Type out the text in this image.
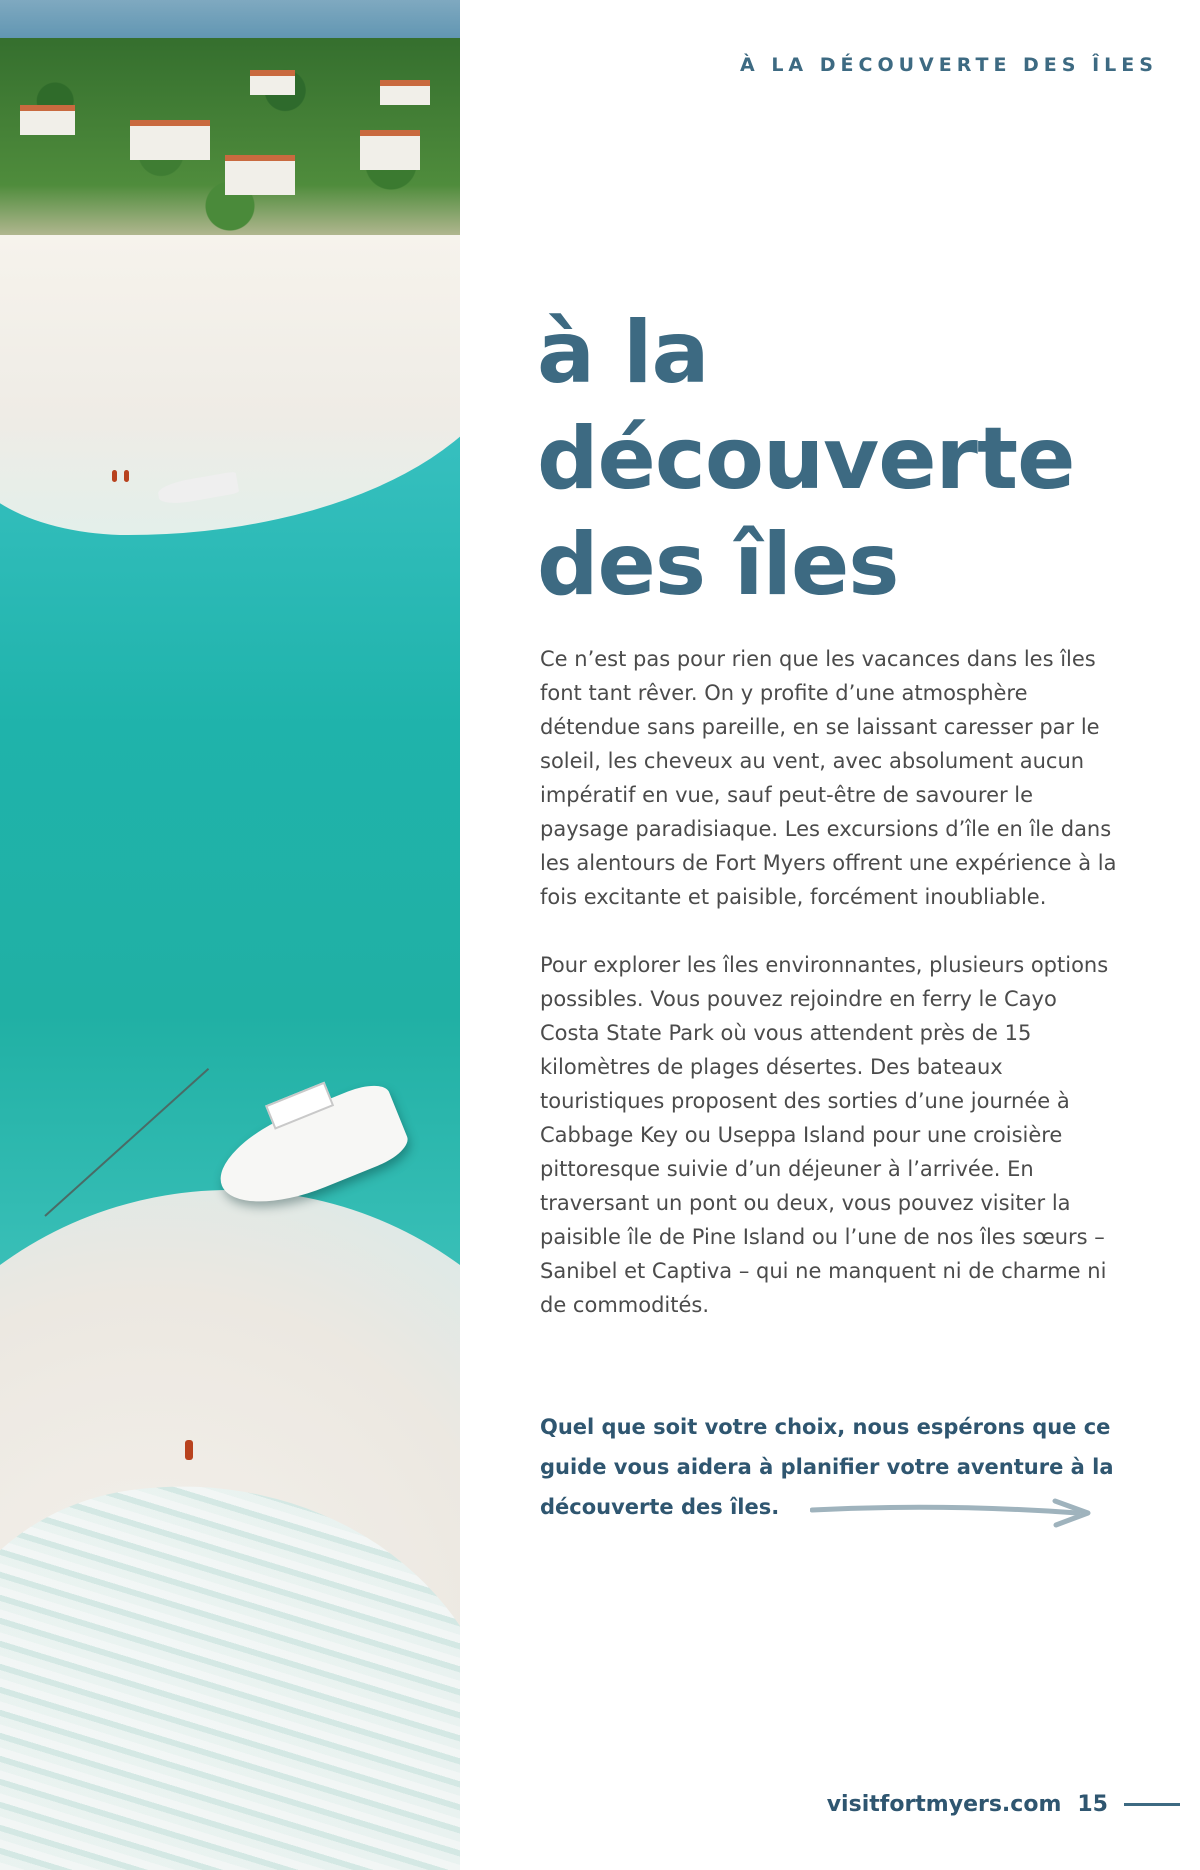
À LA DÉCOUVERTE DES ÎLES
à la
découverte
des îles

Ce n’est pas pour rien que les vacances dans les îles font tant rêver. On y profite d’une atmosphère détendue sans pareille, en se laissant caresser par le soleil, les cheveux au vent, avec absolument aucun impératif en vue, sauf peut-être de savourer le paysage paradisiaque. Les excursions d’île en île dans les alentours de Fort Myers offrent une expérience à la fois excitante et paisible, forcément inoubliable.

Pour explorer les îles environnantes, plusieurs options possibles. Vous pouvez rejoindre en ferry le Cayo Costa State Park où vous attendent près de 15 kilomètres de plages désertes. Des bateaux touristiques proposent des sorties d’une journée à Cabbage Key ou Useppa Island pour une croisière pittoresque suivie d’un déjeuner à l’arrivée. En traversant un pont ou deux, vous pouvez visiter la paisible île de Pine Island ou l’une de nos îles sœurs – Sanibel et Captiva – qui ne manquent ni de charme ni de commodités.

Quel que soit votre choix, nous espérons que ce guide vous aidera à planifier votre aventure à la découverte des îles.

visitfortmyers.com 15
